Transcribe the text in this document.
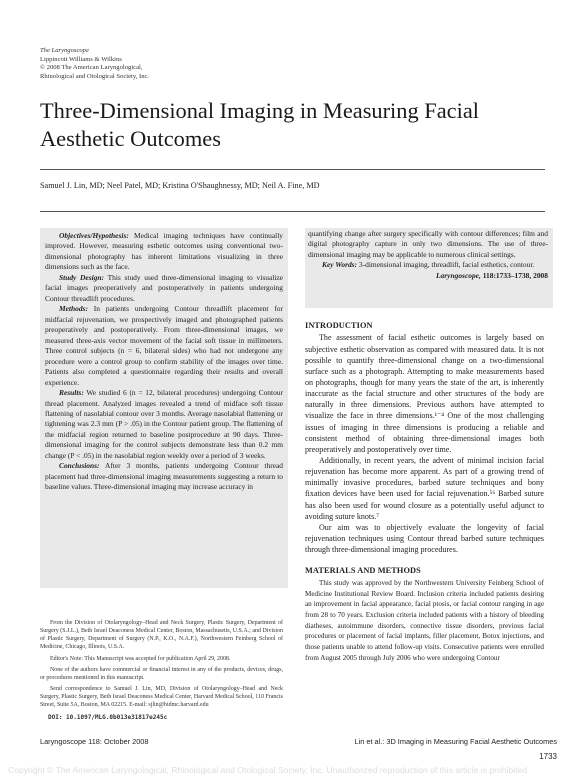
The Laryngoscope
Lippincott Williams & Wilkins
© 2008 The American Laryngological,
Rhinological and Otological Society, Inc.
Three-Dimensional Imaging in Measuring Facial Aesthetic Outcomes
Samuel J. Lin, MD; Neel Patel, MD; Kristina O'Shaughnessy, MD; Neil A. Fine, MD

Objectives/Hypothesis: Medical imaging techniques have continually improved. However, measuring esthetic outcomes using conventional two-dimensional photography has inherent limitations visualizing in three dimensions such as the face.

Study Design: This study used three-dimensional imaging to visualize facial images preoperatively and postoperatively in patients undergoing Contour threadlift procedures.

Methods: In patients undergoing Contour threadlift placement for midfacial rejuvenation, we prospectively imaged and photographed patients preoperatively and postoperatively. From three-dimensional images, we measured three-axis vector movement of the facial soft tissue in millimeters. Three control subjects (n = 6, bilateral sides) who had not undergone any procedure were a control group to confirm stability of the images over time. Patients also completed a questionnaire regarding their results and overall experience.

Results: We studied 6 (n = 12, bilateral procedures) undergoing Contour thread placement. Analyzed images revealed a trend of midface soft tissue flattening of nasolabial contour over 3 months. Average nasolabial flattening or tightening was 2.3 mm (P > .05) in the Contour patient group. The flattening of the midfacial region returned to baseline postprocedure at 90 days. Three-dimensional imaging for the control subjects demonstrate less than 0.2 mm change (P < .05) in the nasolabial region weekly over a period of 3 weeks.

Conclusions: After 3 months, patients undergoing Contour thread placement had three-dimensional imaging measurements suggesting a return to baseline values. Three-dimensional imaging may increase accuracy in

quantifying change after surgery specifically with contour differences; film and digital photography capture in only two dimensions. The use of three-dimensional imaging may be applicable to numerous clinical settings.

Key Words: 3-dimensional imaging, threadlift, facial esthetics, contour.

Laryngoscope, 118:1733–1738, 2008

From the Division of Otolaryngology–Head and Neck Surgery, Plastic Surgery, Department of Surgery (S.J.L.), Beth Israel Deaconess Medical Center, Boston, Massachusetts, U.S.A.; and Division of Plastic Surgery, Department of Surgery (N.P., K.O., N.A.F.), Northwestern Feinberg School of Medicine, Chicago, Illinois, U.S.A.

Editor's Note: This Manuscript was accepted for publication April 29, 2008.

None of the authors have commercial or financial interest in any of the products, devices, drugs, or procedures mentioned in this manuscript.

Send correspondence to Samuel J. Lin, MD, Division of Otolaryngology–Head and Neck Surgery, Plastic Surgery, Beth Israel Deaconess Medical Center, Harvard Medical School, 110 Francis Street, Suite 5A, Boston, MA 02215. E-mail: sjlin@bidmc.harvard.edu

DOI: 10.1097/MLG.0b013e31817e245c

INTRODUCTION

The assessment of facial esthetic outcomes is largely based on subjective esthetic observation as compared with measured data. It is not possible to quantify three-dimensional change on a two-dimensional surface such as a photograph. Attempting to make measurements based on photographs, though for many years the state of the art, is inherently inaccurate as the facial structure and other structures of the body are naturally in three dimensions. Previous authors have attempted to visualize the face in three dimensions.¹⁻⁴ One of the most challenging issues of imaging in three dimensions is producing a reliable and consistent method of obtaining three-dimensional images both preoperatively and postoperatively over time.

Additionally, in recent years, the advent of minimal incision facial rejuvenation has become more apparent. As part of a growing trend of minimally invasive procedures, barbed suture techniques and bony fixation devices have been used for facial rejuvenation.⁵⁶ Barbed suture has also been used for wound closure as a potentially useful adjunct to avoiding suture knots.⁷

Our aim was to objectively evaluate the longevity of facial rejuvenation techniques using Contour thread barbed suture techniques through three-dimensional imaging procedures.

MATERIALS AND METHODS

This study was approved by the Northwestern University Feinberg School of Medicine Institutional Review Board. Inclusion criteria included patients desiring an improvement in facial appearance, facial ptosis, or facial contour ranging in age from 28 to 70 years. Exclusion criteria included patients with a history of bleeding diatheses, autoimmune disorders, connective tissue disorders, previous facial procedures or placement of facial implants, filler placement, Botox injections, and those patients unable to attend follow-up visits. Consecutive patients were enrolled from August 2005 through July 2006 who were undergoing Contour

Laryngoscope 118: October 2008	Lin et al.: 3D Imaging in Measuring Facial Aesthetic Outcomes
1733
Copyright © The American Laryngological, Rhinological and Otological Society, Inc. Unauthorized reproduction of this article is prohibited
